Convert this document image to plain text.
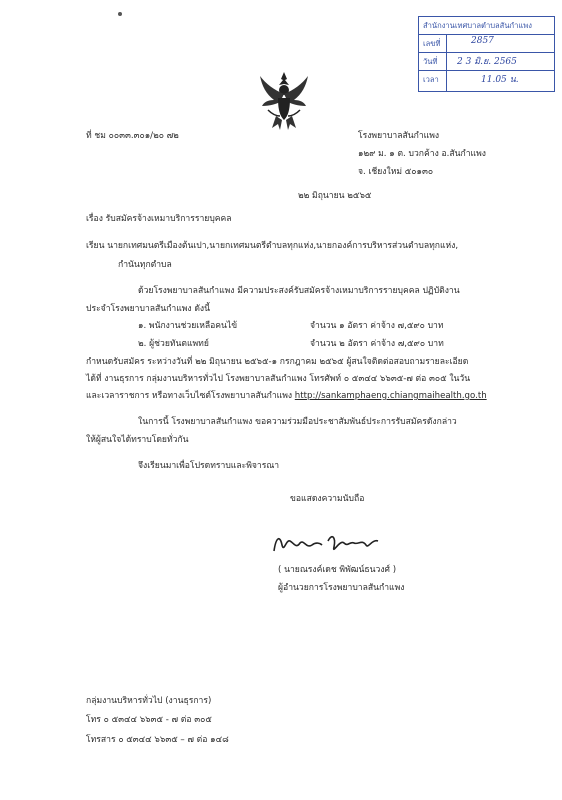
สำนักงานเทศบาลตำบลสันกำแพง
เลขที่	2857
วันที่ 2 3 มิ.ย. 2565
เวลา	11.05 น.
ที่ ชม ๐๐๓๓.๓๐๑/๒๐ ๗๒	โรงพยาบาลสันกำแพง
๑๒๙ ม. ๑ ต. บวกค้าง อ.สันกำแพง
จ. เชียงใหม่ ๕๐๑๓๐
๒๒ มิถุนายน ๒๕๖๕
เรื่อง รับสมัครจ้างเหมาบริการรายบุคคล
เรียน นายกเทศมนตรีเมืองต้นเปา,นายกเทศมนตรีตำบลทุกแห่ง,นายกองค์การบริหารส่วนตำบลทุกแห่ง,
กำนันทุกตำบล
ด้วยโรงพยาบาลสันกำแพง มีความประสงค์รับสมัครจ้างเหมาบริการรายบุคคล ปฏิบัติงาน
ประจำโรงพยาบาลสันกำแพง ดังนี้
๑. พนักงานช่วยเหลือคนไข้	จำนวน ๑ อัตรา ค่าจ้าง ๗,๕๙๐ บาท
๒. ผู้ช่วยทันตแพทย์	จำนวน ๒ อัตรา ค่าจ้าง ๗,๕๙๐ บาท
กำหนดรับสมัคร ระหว่างวันที่ ๒๒ มิถุนายน ๒๕๖๕-๑ กรกฎาคม ๒๕๖๕ ผู้สนใจติดต่อสอบถามรายละเอียด
ได้ที่ งานธุรการ กลุ่มงานบริหารทั่วไป โรงพยาบาลสันกำแพง โทรศัพท์ ๐ ๕๓๔๔ ๖๖๓๕-๗ ต่อ ๓๐๕ ในวัน
และเวลาราชการ หรือทางเว็บไซต์โรงพยาบาลสันกำแพง http://sankamphaeng.chiangmaihealth.go.th
ในการนี้ โรงพยาบาลสันกำแพง ขอความร่วมมือประชาสัมพันธ์ประการรับสมัครดังกล่าว
ให้ผู้สนใจได้ทราบโดยทั่วกัน
จึงเรียนมาเพื่อโปรดทราบและพิจารณา
ขอแสดงความนับถือ
( นายณรงค์เดช พิพัฒน์ธนวงศ์ )
ผู้อำนวยการโรงพยาบาลสันกำแพง
กลุ่มงานบริหารทั่วไป (งานธุรการ)
โทร ๐ ๕๓๔๔ ๖๖๓๕ - ๗ ต่อ ๓๐๕
โทรสาร ๐ ๕๓๔๔ ๖๖๓๕ – ๗ ต่อ ๑๔๘
